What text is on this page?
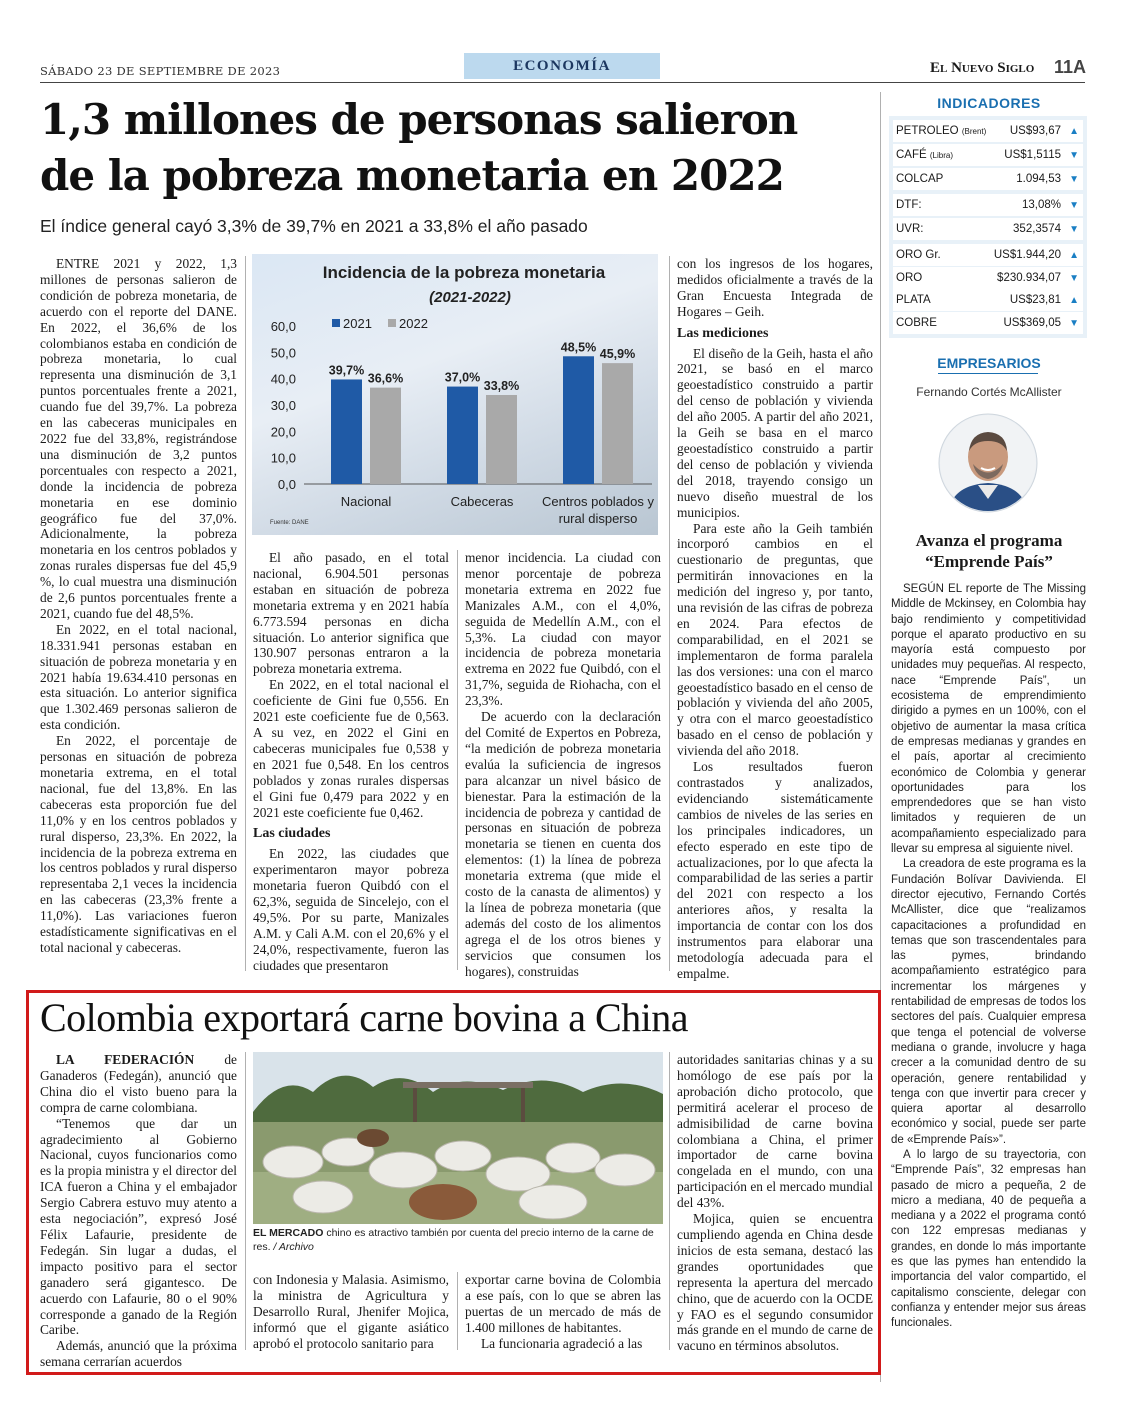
SÁBADO 23 DE SEPTIEMBRE DE 2023	ECONOMÍA	El Nuevo Siglo 11A
1,3 millones de personas salieron
de la pobreza monetaria en 2022
El índice general cayó 3,3% de 39,7% en 2021 a 33,8% el año pasado

ENTRE 2021 y 2022, 1,3 millones de personas salieron de condición de pobreza monetaria, de acuerdo con el reporte del DANE. En 2022, el 36,6% de los colombianos estaba en condición de pobreza monetaria, lo cual representa una disminución de 3,1 puntos porcentuales frente a 2021, cuando fue del 39,7%. La pobreza en las cabeceras municipales en 2022 fue del 33,8%, registrándose una disminución de 3,2 puntos porcentuales con respecto a 2021, donde la incidencia de pobreza monetaria en ese dominio geográfico fue del 37,0%. Adicionalmente, la pobreza monetaria en los centros poblados y zonas rurales dispersas fue del 45,9 %, lo cual muestra una disminución de 2,6 puntos porcentuales frente a 2021, cuando fue del 48,5%.

En 2022, en el total nacional, 18.331.941 personas estaban en situación de pobreza monetaria y en 2021 había 19.634.410 personas en esta situación. Lo anterior significa que 1.302.469 personas salieron de esta condición.

En 2022, el porcentaje de personas en situación de pobreza monetaria extrema, en el total nacional, fue del 13,8%. En las cabeceras esta proporción fue del 11,0% y en los centros poblados y rural disperso, 23,3%. En 2022, la incidencia de la pobreza extrema en los centros poblados y rural disperso representaba 2,1 veces la incidencia en las cabeceras (23,3% frente a 11,0%). Las variaciones fueron estadísticamente significativas en el total nacional y cabeceras.

Incidencia de la pobreza monetaria
(2021-2022)
0,0
10,0
20,0
30,0
40,0
50,0
60,0	2021 2022
39,7%
36,6%	37,0%
33,8%
48,5% 45,9%
Nacional	Cabeceras Centros poblados y
rural disperso
Fuente: DANE

El año pasado, en el total nacional, 6.904.501 personas estaban en situación de pobreza monetaria extrema y en 2021 había 6.773.594 personas en dicha situación. Lo anterior significa que 130.907 personas entraron a la pobreza monetaria extrema.

En 2022, en el total nacional el coeficiente de Gini fue 0,556. En 2021 este coeficiente fue de 0,563. A su vez, en 2022 el Gini en cabeceras municipales fue 0,538 y en 2021 fue 0,548. En los centros poblados y zonas rurales dispersas el Gini fue 0,479 para 2022 y en 2021 este coeficiente fue 0,462.

Las ciudades

En 2022, las ciudades que experimentaron mayor pobreza monetaria fueron Quibdó con el 62,3%, seguida de Sincelejo, con el 49,5%. Por su parte, Manizales A.M. y Cali A.M. con el 20,6% y el 24,0%, respectivamente, fueron las ciudades que presentaron

menor incidencia. La ciudad con menor porcentaje de pobreza monetaria extrema en 2022 fue Manizales A.M., con el 4,0%, seguida de Medellín A.M., con el 5,3%. La ciudad con mayor incidencia de pobreza monetaria extrema en 2022 fue Quibdó, con el 31,7%, seguida de Riohacha, con el 23,3%.

De acuerdo con la declaración del Comité de Expertos en Pobreza, “la medición de pobreza monetaria evalúa la suficiencia de ingresos para alcanzar un nivel básico de bienestar. Para la estimación de la incidencia de pobreza y cantidad de personas en situación de pobreza monetaria se tienen en cuenta dos elementos: (1) la línea de pobreza monetaria extrema (que mide el costo de la canasta de alimentos) y la línea de pobreza monetaria (que además del costo de los alimentos agrega el de los otros bienes y servicios que consumen los hogares), construidas

con los ingresos de los hogares, medidos oficialmente a través de la Gran Encuesta Integrada de Hogares – Geih.

Las mediciones

El diseño de la Geih, hasta el año 2021, se basó en el marco geoestadístico construido a partir del censo de población y vivienda del año 2005. A partir del año 2021, la Geih se basa en el marco geoestadístico construido a partir del censo de población y vivienda del 2018, trayendo consigo un nuevo diseño muestral de los municipios.

Para este año la Geih también incorporó cambios en el cuestionario de preguntas, que permitirán innovaciones en la medición del ingreso y, por tanto, una revisión de las cifras de pobreza en 2024. Para efectos de comparabilidad, en el 2021 se implementaron de forma paralela las dos versiones: una con el marco geoestadístico basado en el censo de población y vivienda del año 2005, y otra con el marco geoestadístico basado en el censo de población y vivienda del año 2018.

Los resultados fueron contrastados y analizados, evidenciando sistemáticamente cambios de niveles de las series en los principales indicadores, un efecto esperado en este tipo de actualizaciones, por lo que afecta la comparabilidad de las series a partir del 2021 con respecto a los anteriores años, y resalta la importancia de contar con los dos instrumentos para elaborar una metodología adecuada para el empalme.

INDICADORES
PETROLEO (Brent) US$93,67 ▲
CAFÉ (Libra)	US$1,5115 ▼
COLCAP	1.094,53 ▼
DTF:	13,08% ▼
UVR:	352,3574 ▼
ORO Gr.	US$1.944,20 ▲
ORO	$230.934,07 ▼
PLATA	US$23,81 ▲
COBRE	US$369,05 ▼
EMPRESARIOS
Fernando Cortés McAllister
Avanza el programa
“Emprende País”

SEGÚN EL reporte de The Missing Middle de Mckinsey, en Colombia hay bajo rendimiento y competitividad porque el aparato productivo en su mayoría está compuesto por unidades muy pequeñas. Al respecto, nace “Emprende País”, un ecosistema de emprendimiento dirigido a pymes en un 100%, con el objetivo de aumentar la masa crítica de empresas medianas y grandes en el país, aportar al crecimiento económico de Colombia y generar oportunidades para los emprendedores que se han visto limitados y requieren de un acompañamiento especializado para llevar su empresa al siguiente nivel.

La creadora de este programa es la Fundación Bolívar Davivienda. El director ejecutivo, Fernando Cortés McAllister, dice que “realizamos capacitaciones a profundidad en temas que son trascendentales para las pymes, brindando acompañamiento estratégico para incrementar los márgenes y rentabilidad de empresas de todos los sectores del país. Cualquier empresa que tenga el potencial de volverse mediana o grande, involucre y haga crecer a la comunidad dentro de su operación, genere rentabilidad y tenga con que invertir para crecer y quiera aportar al desarrollo económico y social, puede ser parte de «Emprende País»”.

A lo largo de su trayectoria, con “Emprende País”, 32 empresas han pasado de micro a pequeña, 2 de micro a mediana, 40 de pequeña a mediana y a 2022 el programa contó con 122 empresas medianas y grandes, en donde lo más importante es que las pymes han entendido la importancia del valor compartido, el capitalismo consciente, delegar con confianza y entender mejor sus áreas funcionales.

Colombia exportará carne bovina a China

LA FEDERACIÓN de Ganaderos (Fedegán), anunció que China dio el visto bueno para la compra de carne colombiana.

“Tenemos que dar un agradecimiento al Gobierno Nacional, cuyos funcionarios como es la propia ministra y el director del ICA fueron a China y el embajador Sergio Cabrera estuvo muy atento a esta negociación”, expresó José Félix Lafaurie, presidente de Fedegán. Sin lugar a dudas, el impacto positivo para el sector ganadero será gigantesco. De acuerdo con Lafaurie, 80 o el 90% corresponde a ganado de la Región Caribe.

Además, anunció que la próxima semana cerrarían acuerdos

EL MERCADO chino es atractivo también por cuenta del precio interno de la carne de res. / Archivo

con Indonesia y Malasia. Asimismo, la ministra de Agricultura y Desarrollo Rural, Jhenifer Mojica, informó que el gigante asiático aprobó el protocolo sanitario para

exportar carne bovina de Colombia a ese país, con lo que se abren las puertas de un mercado de más de 1.400 millones de habitantes.

La funcionaria agradeció a las

autoridades sanitarias chinas y a su homólogo de ese país por la aprobación dicho protocolo, que permitirá acelerar el proceso de admisibilidad de carne bovina colombiana a China, el primer importador de carne bovina congelada en el mundo, con una participación en el mercado mundial del 43%.

Mojica, quien se encuentra cumpliendo agenda en China desde inicios de esta semana, destacó las grandes oportunidades que representa la apertura del mercado chino, que de acuerdo con la OCDE y FAO es el segundo consumidor más grande en el mundo de carne de vacuno en términos absolutos.
